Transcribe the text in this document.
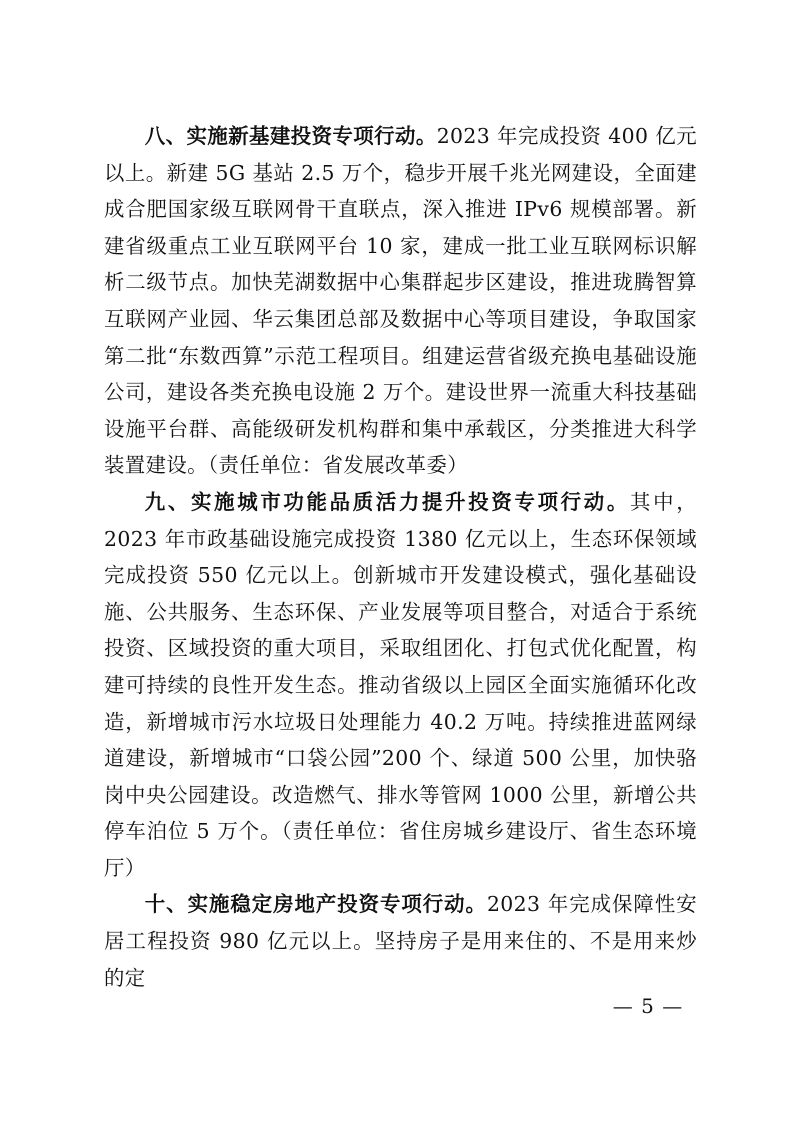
八、实施新基建投资专项行动。2023 年完成投资 400 亿元以上。新建 5G 基站 2.5 万个，稳步开展千兆光网建设，全面建成合肥国家级互联网骨干直联点，深入推进 IPv6 规模部署。新建省级重点工业互联网平台 10 家，建成一批工业互联网标识解析二级节点。加快芜湖数据中心集群起步区建设，推进珑腾智算互联网产业园、华云集团总部及数据中心等项目建设，争取国家第二批“东数西算”示范工程项目。组建运营省级充换电基础设施公司，建设各类充换电设施 2 万个。建设世界一流重大科技基础设施平台群、高能级研发机构群和集中承载区，分类推进大科学装置建设。（责任单位：省发展改革委）

九、实施城市功能品质活力提升投资专项行动。其中，2023 年市政基础设施完成投资 1380 亿元以上，生态环保领域完成投资 550 亿元以上。创新城市开发建设模式，强化基础设施、公共服务、生态环保、产业发展等项目整合，对适合于系统投资、区域投资的重大项目，采取组团化、打包式优化配置，构建可持续的良性开发生态。推动省级以上园区全面实施循环化改造，新增城市污水垃圾日处理能力 40.2 万吨。持续推进蓝网绿道建设，新增城市“口袋公园”200 个、绿道 500 公里，加快骆岗中央公园建设。改造燃气、排水等管网 1000 公里，新增公共停车泊位 5 万个。（责任单位：省住房城乡建设厅、省生态环境厅）

十、实施稳定房地产投资专项行动。2023 年完成保障性安居工程投资 980 亿元以上。坚持房子是用来住的、不是用来炒的定

— 5 —
